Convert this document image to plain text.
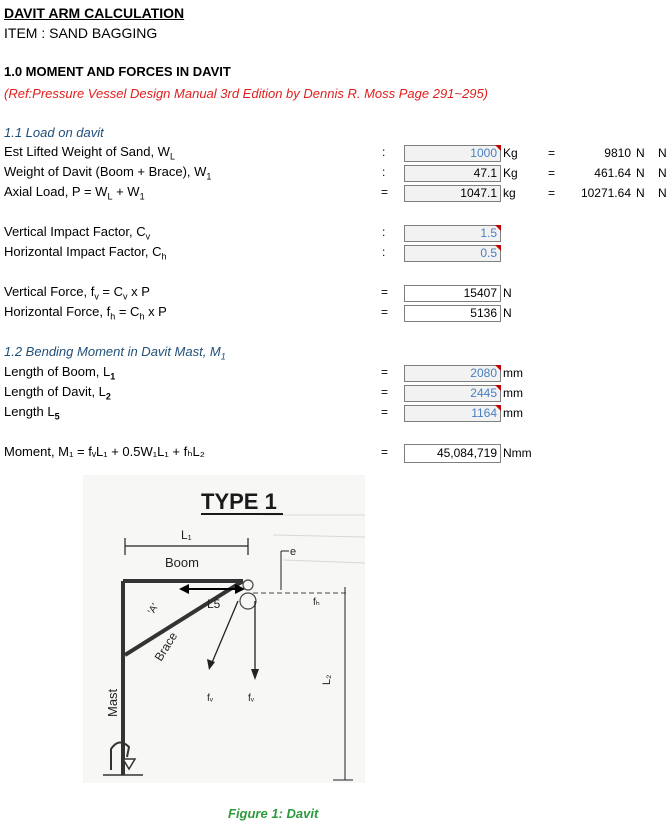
DAVIT ARM CALCULATION
ITEM : SAND BAGGING
1.0 MOMENT AND FORCES IN DAVIT
(Ref:Pressure Vessel Design Manual 3rd Edition by Dennis R. Moss Page 291~295)
1.1 Load on davit
Est Lifted Weight of Sand, $W_L$	:	1000 Kg	=	9810 N N
Weight of Davit (Boom + Brace), $W_1$	:	47.1 Kg	=	461.64 N N
Axial Load, $P = W_L + W_1$	=	1047.1 kg	=	10271.64 N N
Vertical Impact Factor, $C_v$	:	1.5
Horizontal Impact Factor, $C_h$	:	0.5
Vertical Force, $f_v = C_v$ x P	=	15407 N
Horizontal Force, $f_h = C_h$ x P	=	5136 N
1.2 Bending Moment in Davit Mast, $M_1$
Length of Boom, $L_1$	=	2080 mm
Length of Davit, $L_2$	=	2445 mm
Length $L_5$	=	1164 mm
Moment, M₁ = fᵥL₁ + 0.5W₁L₁ + fₕL₂	=	45,084,719 Nmm
TYPE 1
L₁
e
Boom
Brace
'A'	L5	fₕ
fᵥ	fᵥ
L₂
Mast
Figure 1: Davit
